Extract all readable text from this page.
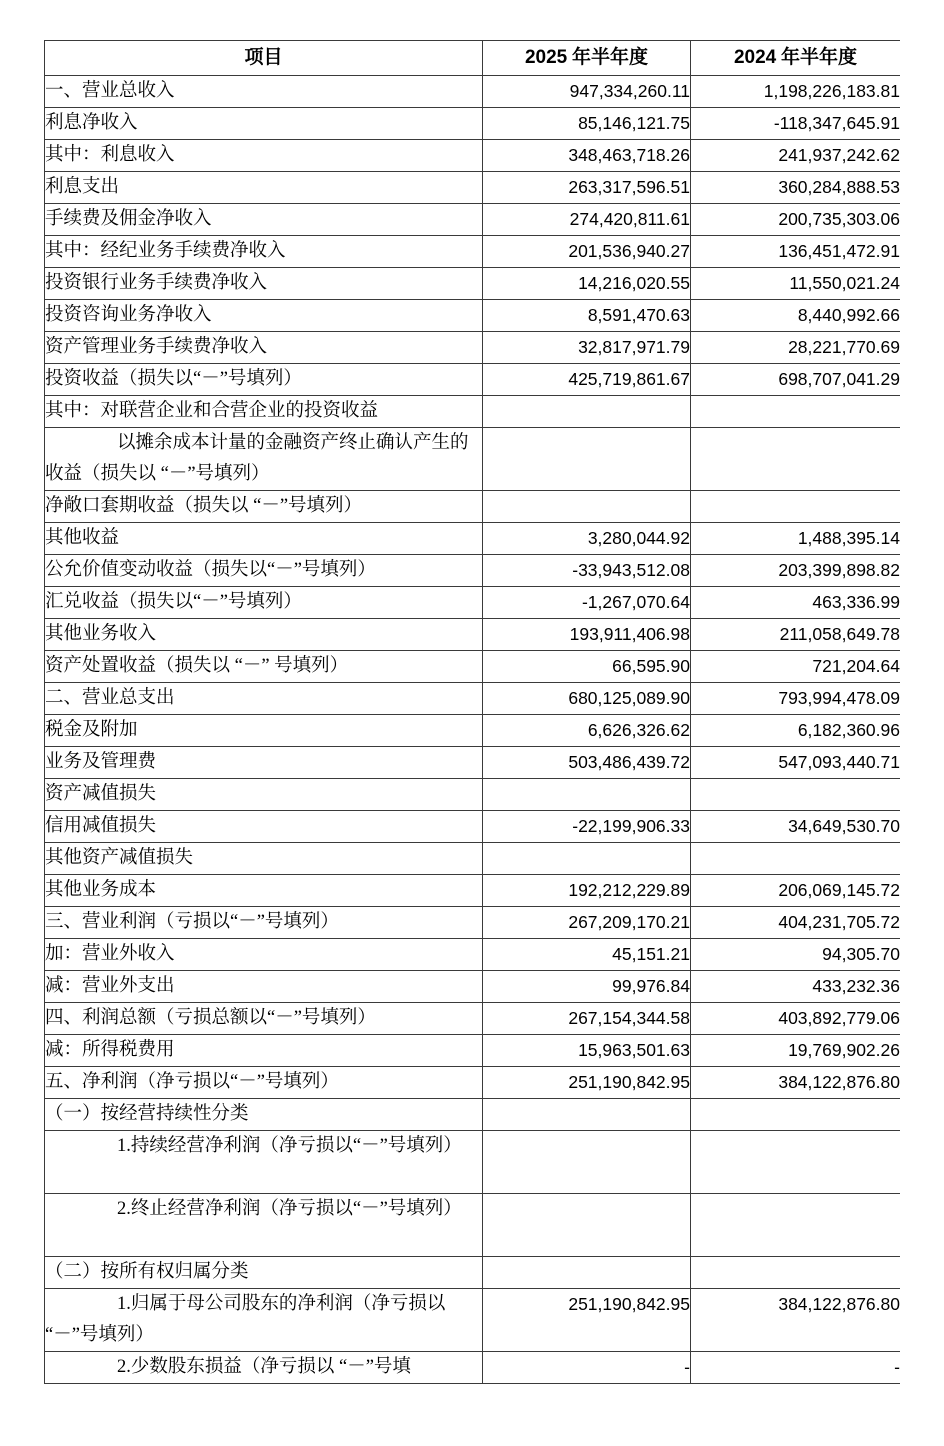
项目	2025 年半年度	2024 年半年度
一、营业总收入	947,334,260.11	1,198,226,183.81
利息净收入	85,146,121.75	-118,347,645.91
其中：利息收入	348,463,718.26	241,937,242.62
利息支出	263,317,596.51	360,284,888.53
手续费及佣金净收入	274,420,811.61	200,735,303.06
其中：经纪业务手续费净收入	201,536,940.27	136,451,472.91
投资银行业务手续费净收入	14,216,020.55	11,550,021.24
投资咨询业务净收入	8,591,470.63	8,440,992.66
资产管理业务手续费净收入	32,817,971.79	28,221,770.69
投资收益（损失以“－”号填列）	425,719,861.67	698,707,041.29
其中：对联营企业和合营企业的投资收益		
以摊余成本计量的金融资产终止确认产生的收益（损失以 “－”号填列）		
净敞口套期收益（损失以 “－”号填列）		
其他收益	3,280,044.92	1,488,395.14
公允价值变动收益（损失以“－”号填列）	-33,943,512.08	203,399,898.82
汇兑收益（损失以“－”号填列）	-1,267,070.64	463,336.99
其他业务收入	193,911,406.98	211,058,649.78
资产处置收益（损失以 “－” 号填列）	66,595.90	721,204.64
二、营业总支出	680,125,089.90	793,994,478.09
税金及附加	6,626,326.62	6,182,360.96
业务及管理费	503,486,439.72	547,093,440.71
资产减值损失		
信用减值损失	-22,199,906.33	34,649,530.70
其他资产减值损失		
其他业务成本	192,212,229.89	206,069,145.72
三、营业利润（亏损以“－”号填列）	267,209,170.21	404,231,705.72
加：营业外收入	45,151.21	94,305.70
减：营业外支出	99,976.84	433,232.36
四、利润总额（亏损总额以“－”号填列）	267,154,344.58	403,892,779.06
减：所得税费用	15,963,501.63	19,769,902.26
五、净利润（净亏损以“－”号填列）	251,190,842.95	384,122,876.80
（一）按经营持续性分类		
1.持续经营净利润（净亏损以“－”号填列）		
2.终止经营净利润（净亏损以“－”号填列）		
（二）按所有权归属分类		
1.归属于母公司股东的净利润（净亏损以 “－”号填列）	251,190,842.95	384,122,876.80
2.少数股东损益（净亏损以 “－”号填	-	-
